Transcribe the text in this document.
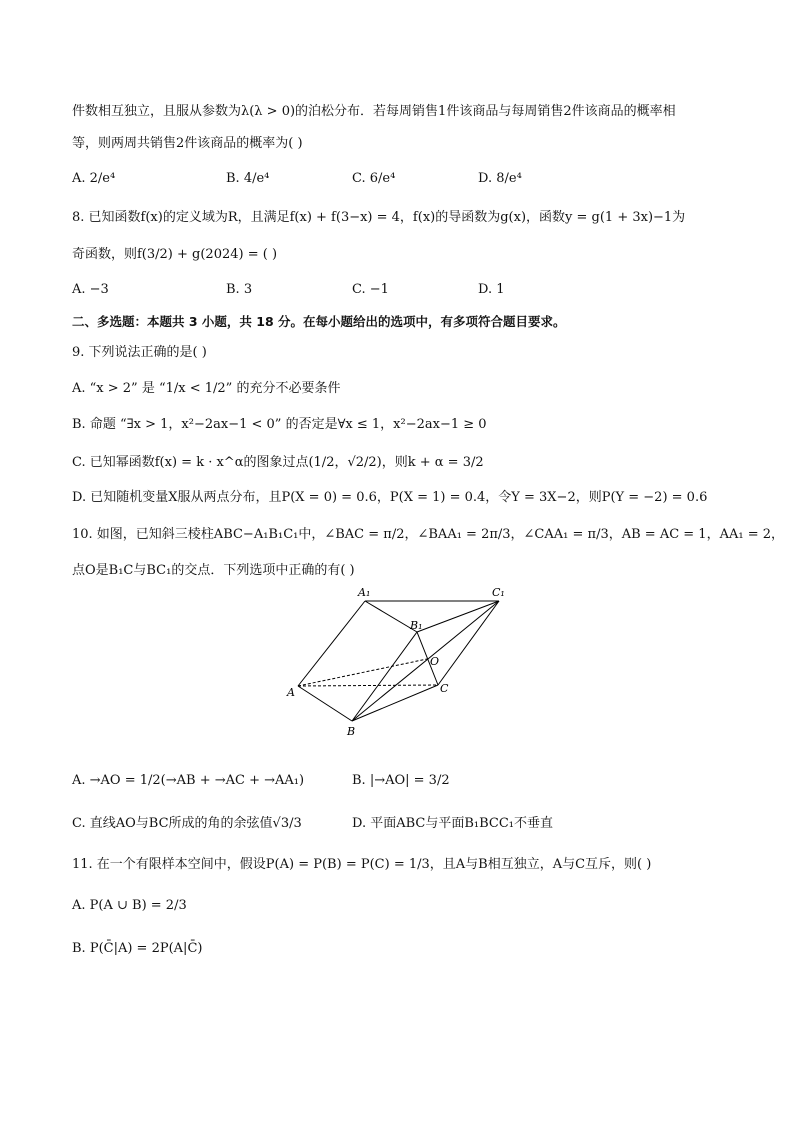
件数相互独立，且服从参数为λ(λ > 0)的泊松分布．若每周销售1件该商品与每周销售2件该商品的概率相
等，则两周共销售2件该商品的概率为( )
A. 2/e⁴	B. 4/e⁴	C. 6/e⁴	D. 8/e⁴
8. 已知函数f(x)的定义域为R，且满足f(x) + f(3−x) = 4，f(x)的导函数为g(x)，函数y = g(1 + 3x)−1为
奇函数，则f(3/2) + g(2024) = ( )
A. −3	B. 3	C. −1	D. 1
二、多选题：本题共 3 小题，共 18 分。在每小题给出的选项中，有多项符合题目要求。
9. 下列说法正确的是( )
A. “x > 2” 是 “1/x < 1/2” 的充分不必要条件
B. 命题 “∃x > 1，x²−2ax−1 < 0” 的否定是∀x ≤ 1，x²−2ax−1 ≥ 0
C. 已知幂函数f(x) = k · x^α的图象过点(1/2，√2/2)，则k + α = 3/2
D. 已知随机变量X服从两点分布，且P(X = 0) = 0.6，P(X = 1) = 0.4，令Y = 3X−2，则P(Y = −2) = 0.6
10. 如图，已知斜三棱柱ABC−A₁B₁C₁中，∠BAC = π/2，∠BAA₁ = 2π/3，∠CAA₁ = π/3，AB = AC = 1，AA₁ = 2，
点O是B₁C与BC₁的交点．下列选项中正确的有( )
A₁	C₁
B₁
O
A	C
B
A. →AO = 1/2(→AB + →AC + →AA₁)	B. |→AO| = 3/2
C. 直线AO与BC所成的角的余弦值√3/3	D. 平面ABC与平面B₁BCC₁不垂直
11. 在一个有限样本空间中，假设P(A) = P(B) = P(C) = 1/3，且A与B相互独立，A与C互斥，则( )
A. P(A ∪ B) = 2/3
B. P(C̄|A) = 2P(A|C̄)
